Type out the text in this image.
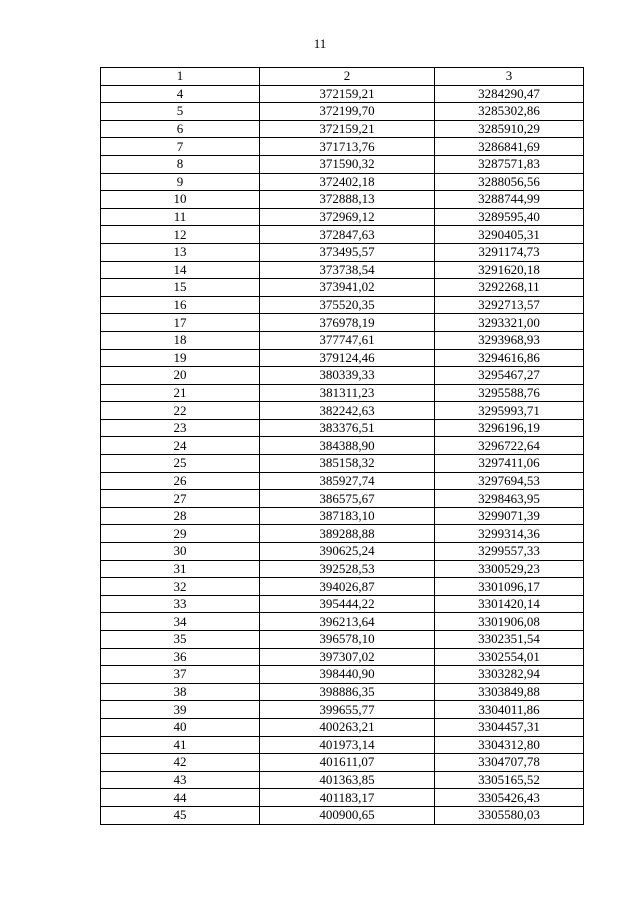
11
1	2	3
4	372159,21	3284290,47
5	372199,70	3285302,86
6	372159,21	3285910,29
7	371713,76	3286841,69
8	371590,32	3287571,83
9	372402,18	3288056,56
10	372888,13	3288744,99
11	372969,12	3289595,40
12	372847,63	3290405,31
13	373495,57	3291174,73
14	373738,54	3291620,18
15	373941,02	3292268,11
16	375520,35	3292713,57
17	376978,19	3293321,00
18	377747,61	3293968,93
19	379124,46	3294616,86
20	380339,33	3295467,27
21	381311,23	3295588,76
22	382242,63	3295993,71
23	383376,51	3296196,19
24	384388,90	3296722,64
25	385158,32	3297411,06
26	385927,74	3297694,53
27	386575,67	3298463,95
28	387183,10	3299071,39
29	389288,88	3299314,36
30	390625,24	3299557,33
31	392528,53	3300529,23
32	394026,87	3301096,17
33	395444,22	3301420,14
34	396213,64	3301906,08
35	396578,10	3302351,54
36	397307,02	3302554,01
37	398440,90	3303282,94
38	398886,35	3303849,88
39	399655,77	3304011,86
40	400263,21	3304457,31
41	401973,14	3304312,80
42	401611,07	3304707,78
43	401363,85	3305165,52
44	401183,17	3305426,43
45	400900,65	3305580,03
